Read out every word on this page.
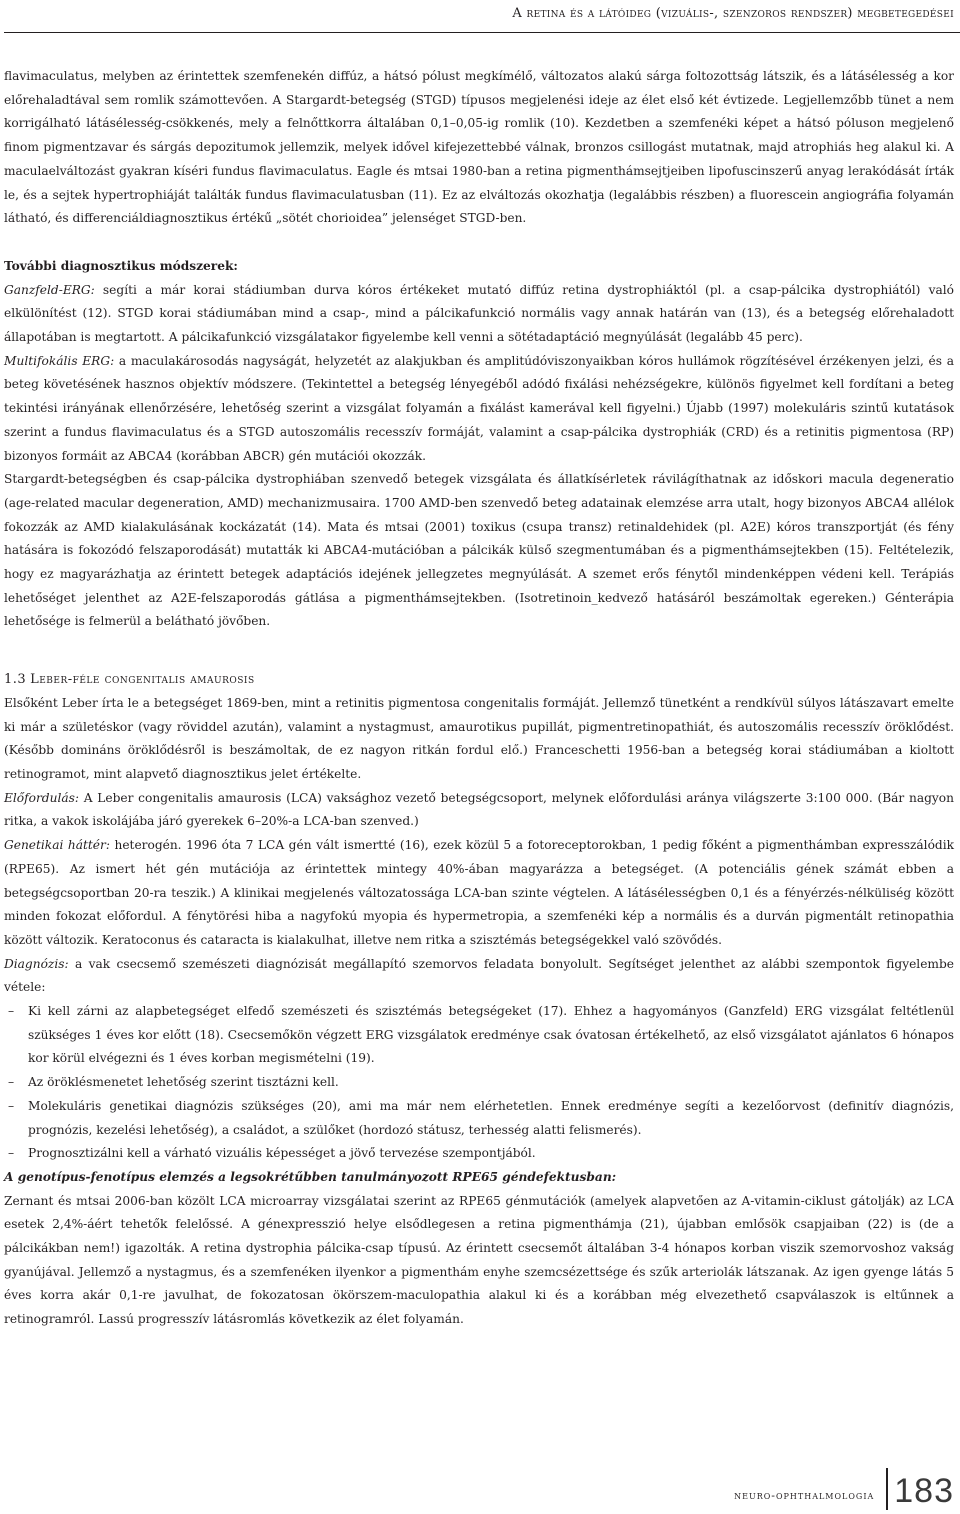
A retina és a látóideg (vizuális-, szenzoros rendszer) megbetegedései

flavimaculatus, melyben az érintettek szemfenekén diffúz, a hátsó pólust megkímélő, változatos alakú sárga foltozottság látszik, és a látásélesség a kor előrehaladtával sem romlik számottevően. A Stargardt-betegség (STGD) típusos megjelenési ideje az élet első két évtizede. Legjellemzőbb tünet a nem korrigálható látásélesség-csökkenés, mely a felnőttkorra általában 0,1–0,05-ig romlik (10). Kezdetben a szemfenéki képet a hátsó póluson megjelenő finom pigmentzavar és sárgás depozitumok jellemzik, melyek idővel kifejezettebbé válnak, bronzos csillogást mutatnak, majd atrophiás heg alakul ki. A maculaelváltozást gyakran kíséri fundus flavimaculatus. Eagle és mtsai 1980-ban a retina pigmenthámsejtjeiben lipofuscinszerű anyag lerakódását írták le, és a sejtek hypertrophiáját találták fundus flavimaculatusban (11). Ez az elváltozás okozhatja (legalábbis részben) a fluorescein angiográfia folyamán látható, és differenciáldiagnosztikus értékű „sötét chorioidea” jelenséget STGD-ben.

További diagnosztikus módszerek:

Ganzfeld-ERG: segíti a már korai stádiumban durva kóros értékeket mutató diffúz retina dystrophiáktól (pl. a csap-pálcika dystrophiától) való elkülönítést (12). STGD korai stádiumában mind a csap-, mind a pálcikafunkció normális vagy annak határán van (13), és a betegség előrehaladott állapotában is megtartott. A pálcikafunkció vizsgálatakor figyelembe kell venni a sötétadaptáció megnyúlását (legalább 45 perc).

Multifokális ERG: a maculakárosodás nagyságát, helyzetét az alakjukban és amplitúdóviszonyaikban kóros hullámok rögzítésével érzékenyen jelzi, és a beteg követésének hasznos objektív módszere. (Tekintettel a betegség lényegéből adódó fixálási nehézségekre, különös figyelmet kell fordítani a beteg tekintési irányának ellenőrzésére, lehetőség szerint a vizsgálat folyamán a fixálást kamerával kell figyelni.) Újabb (1997) molekuláris szintű kutatások szerint a fundus flavimaculatus és a STGD autoszomális recesszív formáját, valamint a csap-pálcika dystrophiák (CRD) és a retinitis pigmentosa (RP) bizonyos formáit az ABCA4 (korábban ABCR) gén mutációi okozzák.

Stargardt-betegségben és csap-pálcika dystrophiában szenvedő betegek vizsgálata és állatkísérletek rávilágíthatnak az időskori macula degeneratio (age-related macular degeneration, AMD) mechanizmusaira. 1700 AMD-ben szenvedő beteg adatainak elemzése arra utalt, hogy bizonyos ABCA4 allélok fokozzák az AMD kialakulásának kockázatát (14). Mata és mtsai (2001) toxikus (csupa transz) retinaldehidek (pl. A2E) kóros transzportját (és fény hatására is fokozódó felszaporodását) mutatták ki ABCA4-mutációban a pálcikák külső szegmentumában és a pigmenthámsejtekben (15). Feltételezik, hogy ez magyarázhatja az érintett betegek adaptációs idejének jellegzetes megnyúlását. A szemet erős fénytől mindenképpen védeni kell. Terápiás lehetőséget jelenthet az A2E-felszaporodás gátlása a pigmenthámsejtekben. (Isotretinoin_kedvező hatásáról beszámoltak egereken.) Génterápia lehetősége is felmerül a belátható jövőben.

1.3 Leber-féle congenitalis amaurosis

Elsőként Leber írta le a betegséget 1869-ben, mint a retinitis pigmentosa congenitalis formáját. Jellemző tünetként a rendkívül súlyos látászavart emelte ki már a születéskor (vagy röviddel azután), valamint a nystagmust, amaurotikus pupillát, pigmentretinopathiát, és autoszomális recesszív öröklődést. (Később domináns öröklődésről is beszámoltak, de ez nagyon ritkán fordul elő.) Franceschetti 1956-ban a betegség korai stádiumában a kioltott retinogramot, mint alapvető diagnosztikus jelet értékelte.

Előfordulás: A Leber congenitalis amaurosis (LCA) vaksághoz vezető betegségcsoport, melynek előfordulási aránya világszerte 3:100 000. (Bár nagyon ritka, a vakok iskolájába járó gyerekek 6–20%-a LCA-ban szenved.)

Genetikai háttér: heterogén. 1996 óta 7 LCA gén vált ismertté (16), ezek közül 5 a fotoreceptorokban, 1 pedig főként a pigmenthámban expresszálódik (RPE65). Az ismert hét gén mutációja az érintettek mintegy 40%-ában magyarázza a betegséget. (A potenciális gének számát ebben a betegségcsoportban 20-ra teszik.) A klinikai megjelenés változatossága LCA-ban szinte végtelen. A látásélességben 0,1 és a fényérzés-nélküliség között minden fokozat előfordul. A fénytörési hiba a nagyfokú myopia és hypermetropia, a szemfenéki kép a normális és a durván pigmentált retinopathia között változik. Keratoconus és cataracta is kialakulhat, illetve nem ritka a szisztémás betegségekkel való szövődés.

Diagnózis: a vak csecsemő szemészeti diagnózisát megállapító szemorvos feladata bonyolult. Segítséget jelenthet az alábbi szempontok figyelembe vétele:

– Ki kell zárni az alapbetegséget elfedő szemészeti és szisztémás betegségeket (17). Ehhez a hagyományos (Ganzfeld) ERG vizsgálat feltétlenül szükséges 1 éves kor előtt (18). Csecsemőkön végzett ERG vizsgálatok eredménye csak óvatosan értékelhető, az első vizsgálatot ajánlatos 6 hónapos kor körül elvégezni és 1 éves korban megismételni (19).
– Az öröklésmenetet lehetőség szerint tisztázni kell.
– Molekuláris genetikai diagnózis szükséges (20), ami ma már nem elérhetetlen. Ennek eredménye segíti a kezelőorvost (definitív diagnózis, prognózis, kezelési lehetőség), a családot, a szülőket (hordozó státusz, terhesség alatti felismerés).
– Prognosztizálni kell a várható vizuális képességet a jövő tervezése szempontjából.

A genotípus-fenotípus elemzés a legsokrétűbben tanulmányozott RPE65 géndefektusban:

Zernant és mtsai 2006-ban közölt LCA microarray vizsgálatai szerint az RPE65 génmutációk (amelyek alapvetően az A-vitamin-ciklust gátolják) az LCA esetek 2,4%-áért tehetők felelőssé. A génexpresszió helye elsődlegesen a retina pigmenthámja (21), újabban emlősök csapjaiban (22) is (de a pálcikákban nem!) igazolták. A retina dystrophia pálcika-csap típusú. Az érintett csecsemőt általában 3-4 hónapos korban viszik szemorvoshoz vakság gyanújával. Jellemző a nystagmus, és a szemfenéken ilyenkor a pigmenthám enyhe szemcsézettsége és szűk arteriolák látszanak. Az igen gyenge látás 5 éves korra akár 0,1-re javulhat, de fokozatosan ökörszem-maculopathia alakul ki és a korábban még elvezethető csapválaszok is eltűnnek a retinogramról. Lassú progresszív látásromlás következik az élet folyamán.

neuro-ophthalmologia 183
